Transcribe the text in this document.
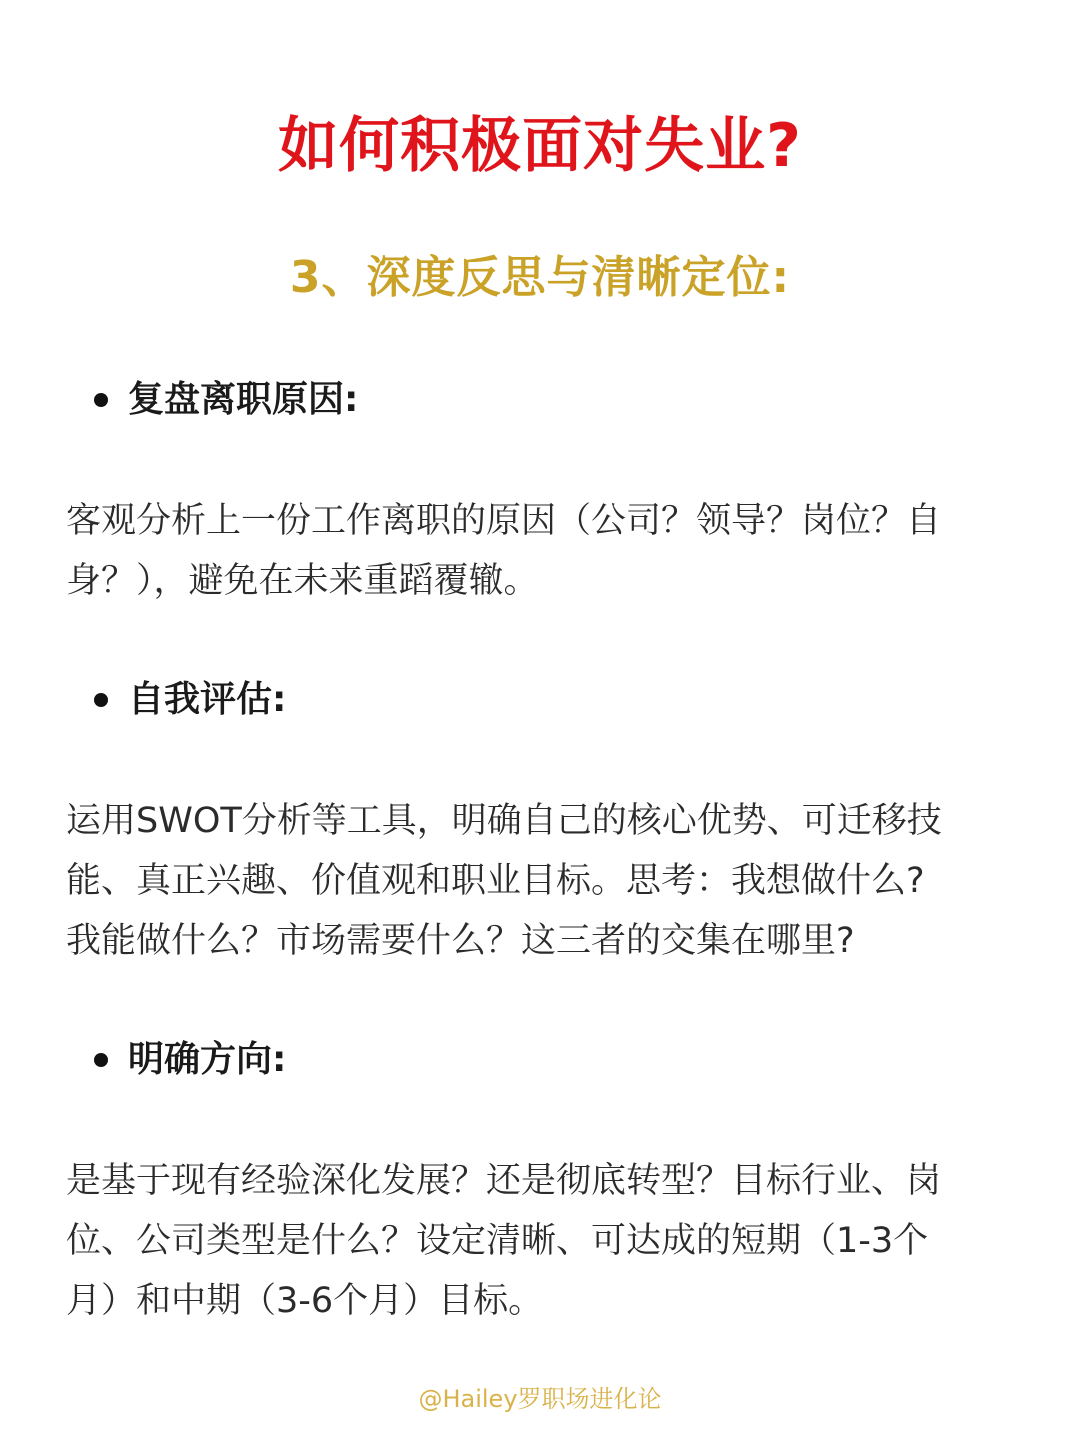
如何积极面对失业?
3、深度反思与清晰定位:
复盘离职原因:
客观分析上一份工作离职的原因（公司？领导？岗位？自
身？），避免在未来重蹈覆辙。
自我评估:
运用SWOT分析等工具，明确自己的核心优势、可迁移技
能、真正兴趣、价值观和职业目标。思考：我想做什么?
我能做什么？市场需要什么？这三者的交集在哪里?
明确方向:
是基于现有经验深化发展？还是彻底转型？目标行业、岗
位、公司类型是什么？设定清晰、可达成的短期（1-3个
月）和中期（3-6个月）目标。
@Hailey罗职场进化论
